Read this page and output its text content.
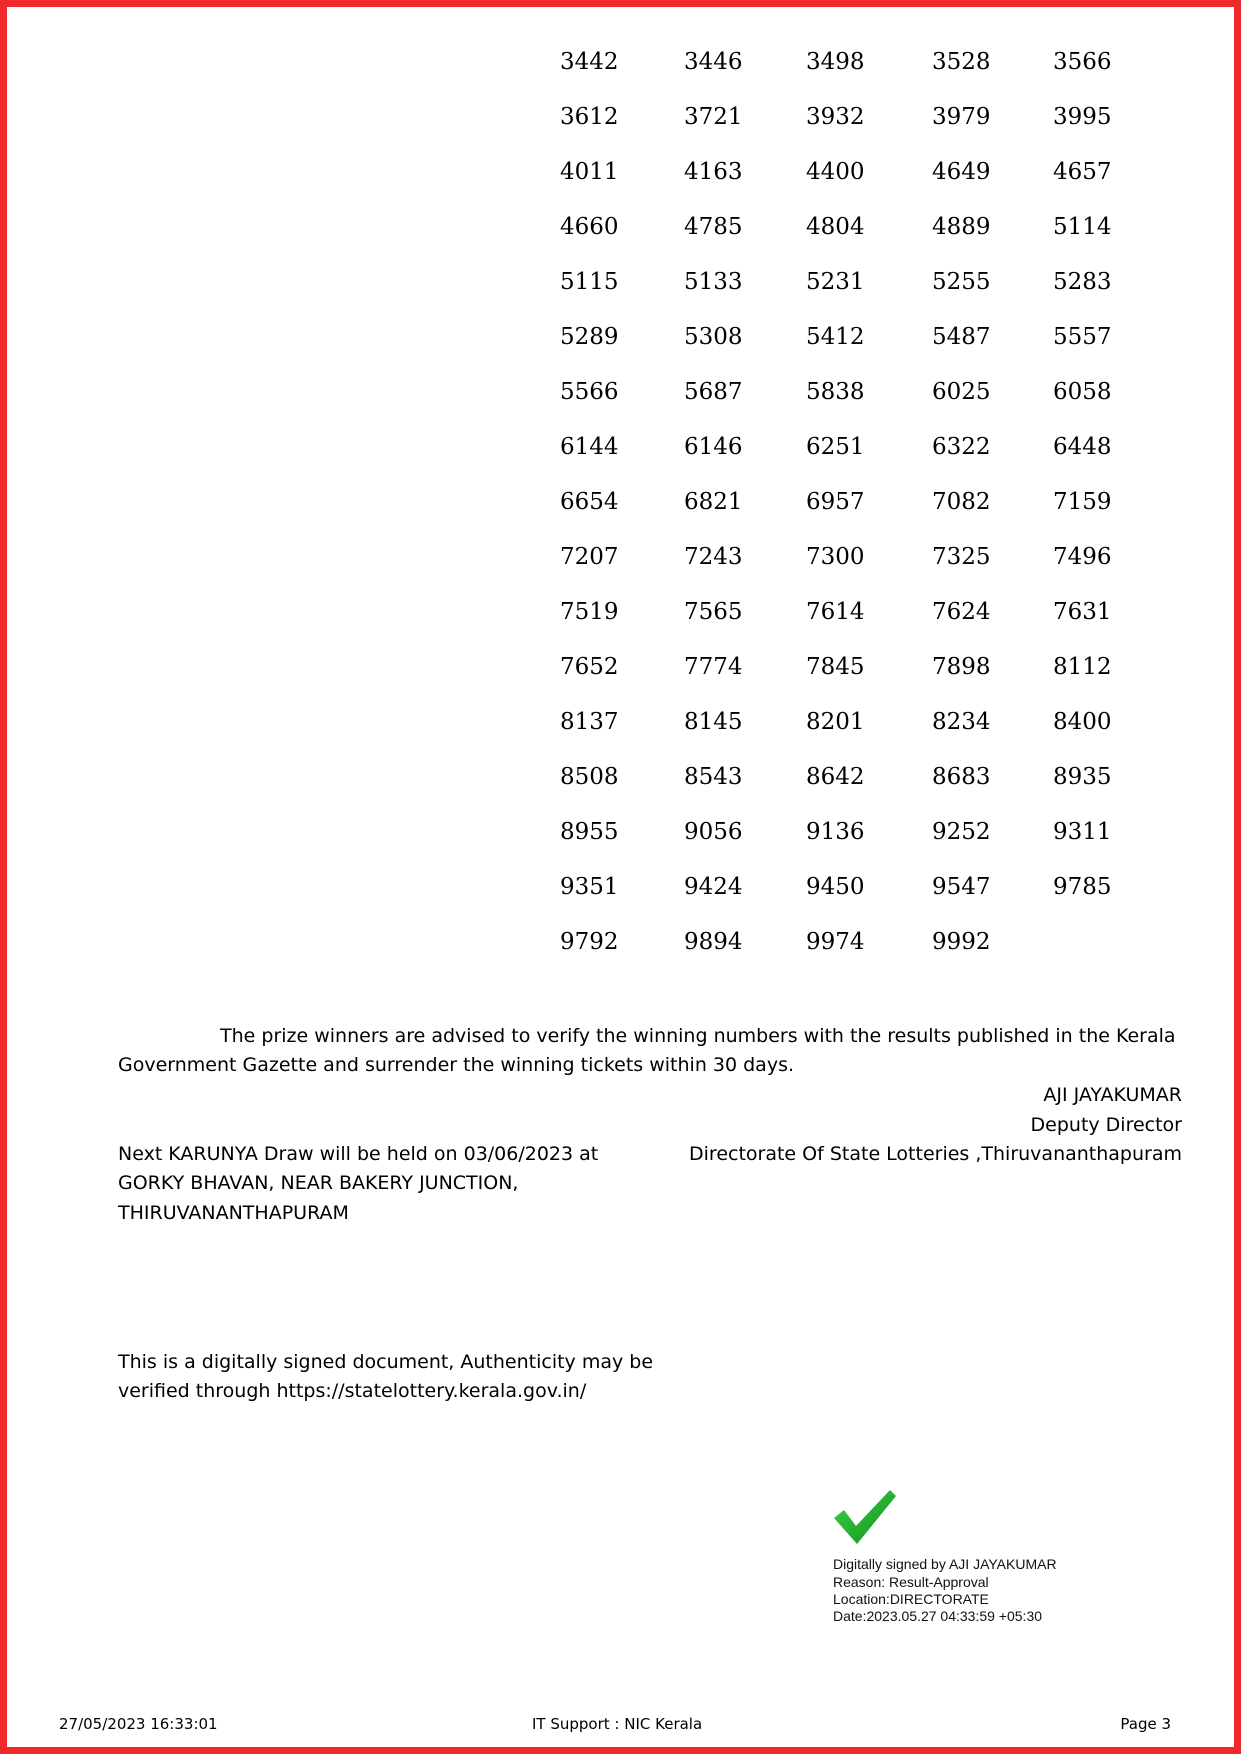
3442	3446	3498	3528	3566
3612	3721	3932	3979	3995
4011	4163	4400	4649	4657
4660	4785	4804	4889	5114
5115	5133	5231	5255	5283
5289	5308	5412	5487	5557
5566	5687	5838	6025	6058
6144	6146	6251	6322	6448
6654	6821	6957	7082	7159
7207	7243	7300	7325	7496
7519	7565	7614	7624	7631
7652	7774	7845	7898	8112
8137	8145	8201	8234	8400
8508	8543	8642	8683	8935
8955	9056	9136	9252	9311
9351	9424	9450	9547	9785
9792	9894	9974	9992
The prize winners are advised to verify the winning numbers with the results published in the Kerala
Government Gazette and surrender the winning tickets within 30 days.
AJI JAYAKUMAR
Deputy Director
Directorate Of State Lotteries ,Thiruvananthapuram
Next KARUNYA Draw will be held on 03/06/2023 at
GORKY BHAVAN, NEAR BAKERY JUNCTION,
THIRUVANANTHAPURAM
This is a digitally signed document, Authenticity may be
verified through https://statelottery.kerala.gov.in/
Digitally signed by AJI JAYAKUMAR
Reason: Result-Approval
Location:DIRECTORATE
Date:2023.05.27 04:33:59 +05:30
27/05/2023 16:33:01	IT Support : NIC Kerala	Page 3
